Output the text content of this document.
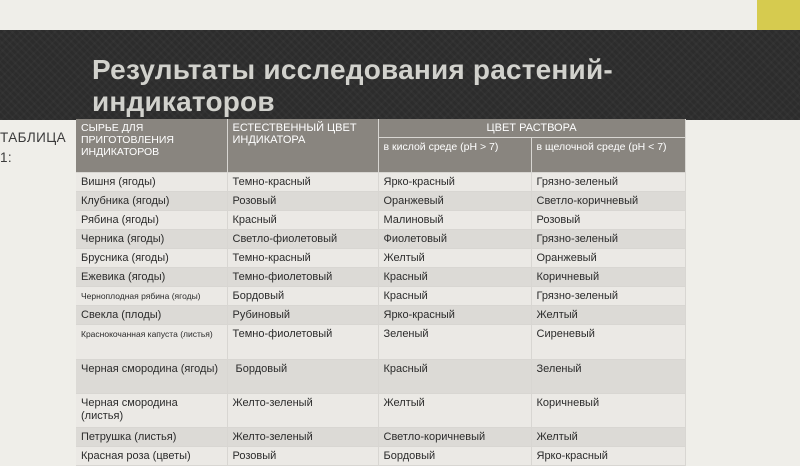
Результаты исследования растений-индикаторов
ТАБЛИЦА 1:
СЫРЬЕ ДЛЯ ПРИГОТОВЛЕНИЯ ИНДИКАТОРОВ	ЕСТЕСТВЕННЫЙ ЦВЕТ ИНДИКАТОРА	ЦВЕТ РАСТВОРА	
		в кислой среде (рН > 7)	в щелочной среде (рН < 7)
Вишня (ягоды)	Темно-красный	Ярко-красный	Грязно-зеленый
Клубника (ягоды)	Розовый	Оранжевый	Светло-коричневый
Рябина (ягоды)	Красный	Малиновый	Розовый
Черника (ягоды)	Светло-фиолетовый	Фиолетовый	Грязно-зеленый
Брусника (ягоды)	Темно-красный	Желтый	Оранжевый
Ежевика (ягоды)	Темно-фиолетовый	Красный	Коричневый
Черноплодная рябина (ягоды)	Бордовый	Красный	Грязно-зеленый
Свекла (плоды)	Рубиновый	Ярко-красный	Желтый
Краснокочанная капуста (листья)	Темно-фиолетовый	Зеленый	Сиреневый
Черная смородина (ягоды)	Бордовый	Красный	Зеленый
Черная смородина (листья)	Желто-зеленый	Желтый	Коричневый
Петрушка (листья)	Желто-зеленый	Светло-коричневый	Желтый
Красная роза (цветы)	Розовый	Бордовый	Ярко-красный
